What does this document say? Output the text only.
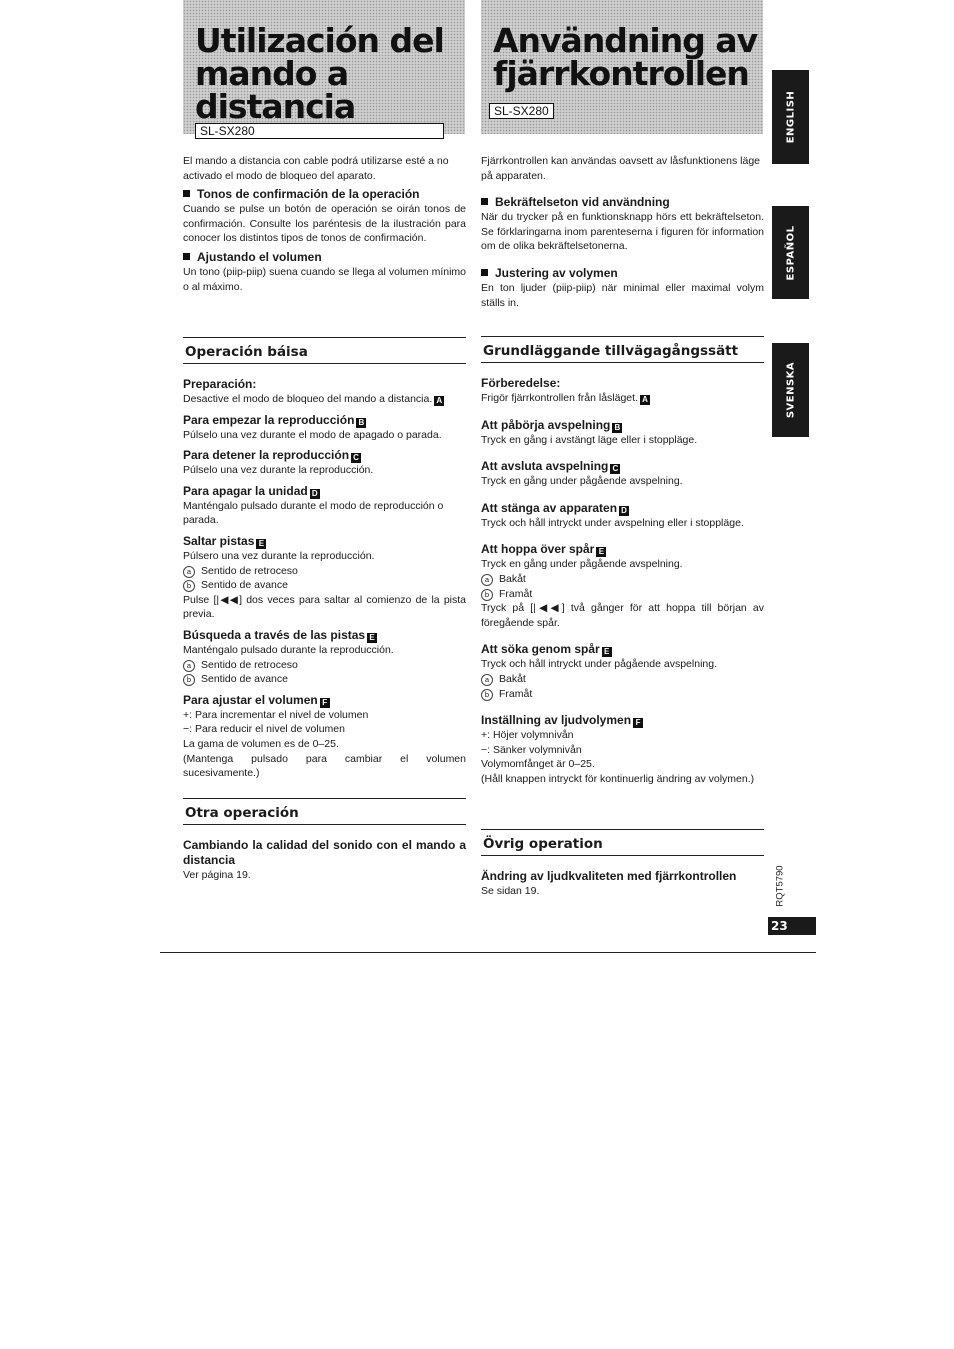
Utilización del
mando a
distancia
SL-SX280
Användning av
fjärrkontrollen
SL-SX280

El mando a distancia con cable podrá utilizarse esté a no activado el modo de bloqueo del aparato.

Tonos de confirmación de la operación

Cuando se pulse un botón de operación se oirán tonos de confirmación. Consulte los paréntesis de la ilustración para conocer los distintos tipos de tonos de confirmación.

Ajustando el volumen

Un tono (piip-piip) suena cuando se llega al volumen mínimo o al máximo.

Operación báisa

Preparación:

Desactive el modo de bloqueo del mando a distancia. A

Para empezar la reproducción B

Púlselo una vez durante el modo de apagado o parada.

Para detener la reproducción C

Púlselo una vez durante la reproducción.

Para apagar la unidad D

Manténgalo pulsado durante el modo de reproducción o parada.

Saltar pistas E

Púlsero una vez durante la reproducción.

a Sentido de retroceso

b Sentido de avance

Pulse [|◀◀] dos veces para saltar al comienzo de la pista previa.

Búsqueda a través de las pistas E

Manténgalo pulsado durante la reproducción.

a Sentido de retroceso

b Sentido de avance

Para ajustar el volumen F

+: Para incrementar el nivel de volumen

−: Para reducir el nivel de volumen

La gama de volumen es de 0–25.

(Mantenga pulsado para cambiar el volumen sucesivamente.)

Otra operación

Cambiando la calidad del sonido con el mando a distancia

Ver página 19.

Fjärrkontrollen kan användas oavsett av låsfunktionens läge på apparaten.

Bekräftelseton vid användning

När du trycker på en funktionsknapp hörs ett bekräftelseton. Se förklaringarna inom parenteserna i figuren för information om de olika bekräftelsetonerna.

Justering av volymen

En ton ljuder (piip-piip) när minimal eller maximal volym ställs in.

Grundläggande tillvägagångssätt

Förberedelse:

Frigör fjärrkontrollen från låsläget. A

Att påbörja avspelning B

Tryck en gång i avstängt läge eller i stoppläge.

Att avsluta avspelning C

Tryck en gång under pågående avspelning.

Att stänga av apparaten D

Tryck och håll intryckt under avspelning eller i stoppläge.

Att hoppa över spår E

Tryck en gång under pågående avspelning.

a Bakåt

b Framåt

Tryck på [|◀◀] två gånger för att hoppa till början av föregående spår.

Att söka genom spår E

Tryck och håll intryckt under pågående avspelning.

a Bakåt

b Framåt

Inställning av ljudvolymen F

+: Höjer volymnivån

−: Sänker volymnivån

Volymomfånget är 0–25.

(Håll knappen intryckt för kontinuerlig ändring av volymen.)

Övrig operation

Ändring av ljudkvaliteten med fjärrkontrollen

Se sidan 19.

ENGLISH
ESPAÑOL
SVENSKA
RQT5790
23
